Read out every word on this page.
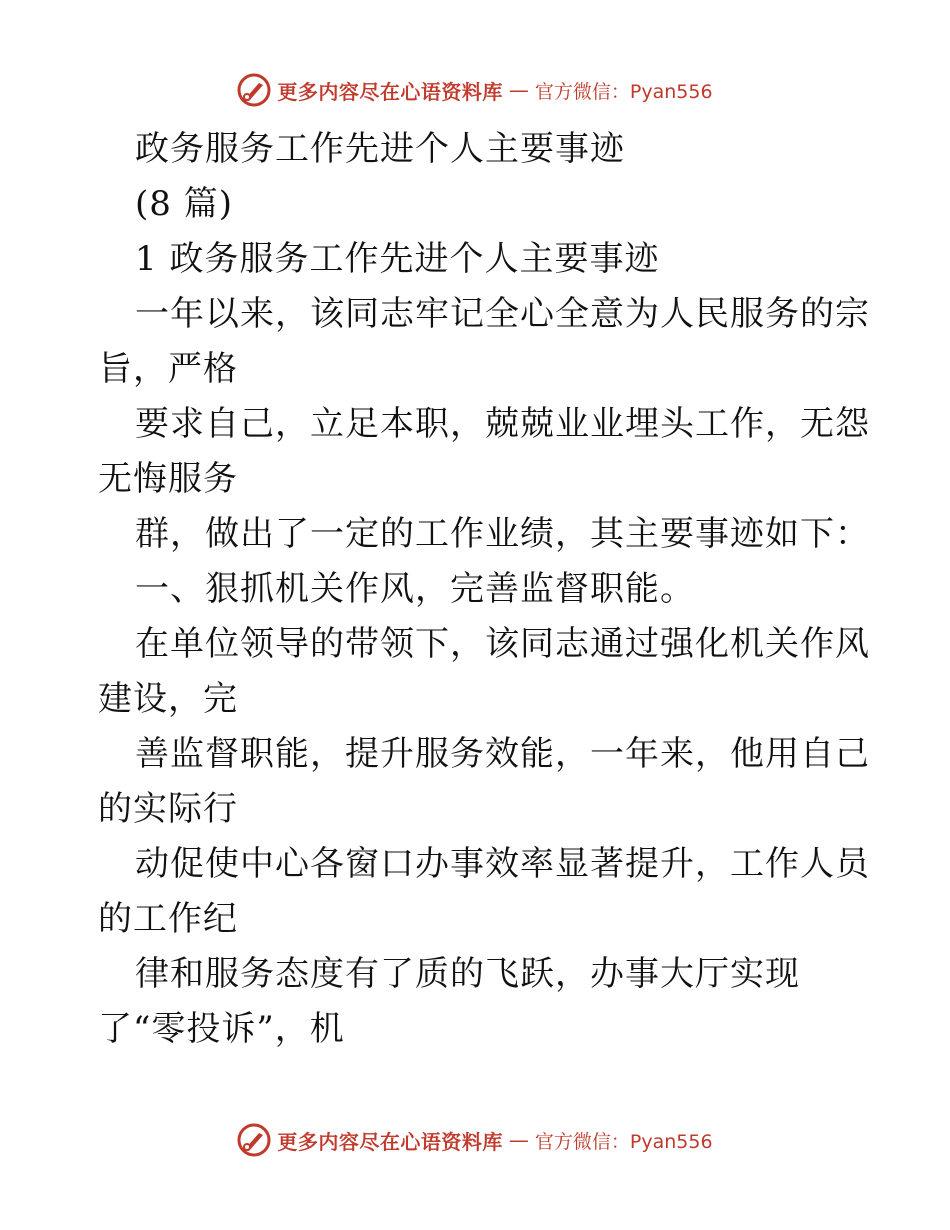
更多内容尽在心语资料库 — 官方微信：Pyan556
政务服务工作先进个人主要事迹
(8 篇)
1 政务服务工作先进个人主要事迹
一年以来，该同志牢记全心全意为人民服务的宗
旨，严格
要求自己，立足本职，兢兢业业埋头工作，无怨
无悔服务
群，做出了一定的工作业绩，其主要事迹如下：
一、狠抓机关作风，完善监督职能。
在单位领导的带领下，该同志通过强化机关作风
建设，完
善监督职能，提升服务效能，一年来，他用自己
的实际行
动促使中心各窗口办事效率显著提升，工作人员
的工作纪
律和服务态度有了质的飞跃，办事大厅实现
了“零投诉”，机
更多内容尽在心语资料库 — 官方微信：Pyan556
